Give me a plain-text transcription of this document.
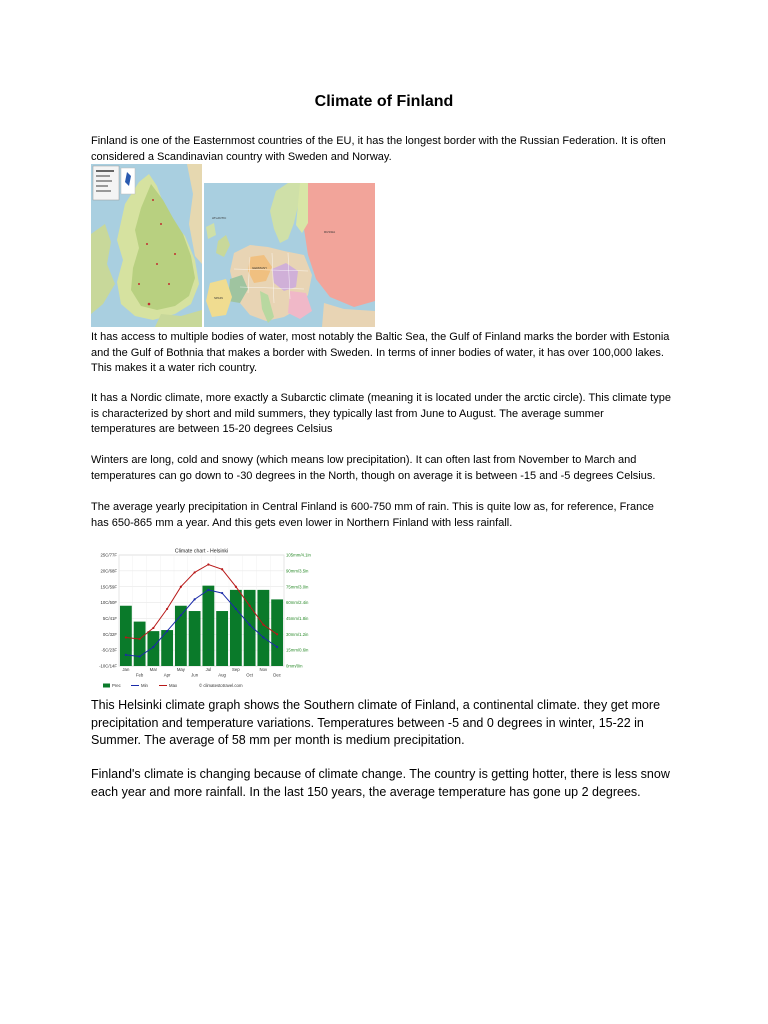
Climate of Finland

Finland is one of the Easternmost countries of the EU, it has the longest border with the Russian Federation. It is often considered a Scandinavian country with Sweden and Norway.

ATLANTIC
RUSSIA
GERMANY
SPAIN

It has access to multiple bodies of water, most notably the Baltic Sea, the Gulf of Finland marks the border with Estonia and the Gulf of Bothnia that makes a border with Sweden. In terms of inner bodies of water, it has over 100,000 lakes. This makes it a water rich country.

It has a Nordic climate, more exactly a Subarctic climate (meaning it is located under the arctic circle). This climate type is characterized by short and mild summers, they typically last from June to August. The average summer temperatures are between 15-20 degrees Celsius

Winters are long, cold and snowy (which means low precipitation). It can often last from November to March and temperatures can go down to -30 degrees in the North, though on average it is between -15 and -5 degrees Celsius.

The average yearly precipitation in Central Finland is 600-750 mm of rain. This is quite low as, for reference, France has 650-865 mm a year. And this gets even lower in Northern Finland with less rainfall.

25C/77F	105mm/4.1in
20C/68F	90mm/3.5in
15C/59F	75mm/3.0in
10C/50F	60mm/2.4in
5C/41F	45mm/1.8in
0C/32F	30mm/1.2in
-5C/23F	15mm/0.6in
-10C/14F	0mm/0in
Climate chart - Helsinki
Jan	Mar	May	Jul	Sep	Nov
Feb	Apr	Jun	Aug	Oct	Dec
Prec	Min	Max	© climatestotravel.com

This Helsinki climate graph shows the Southern climate of Finland, a continental climate. they get more precipitation and temperature variations. Temperatures between -5 and 0 degrees in winter, 15-22 in Summer. The average of 58 mm per month is medium precipitation.

Finland's climate is changing because of climate change. The country is getting hotter, there is less snow each year and more rainfall. In the last 150 years, the average temperature has gone up 2 degrees.
